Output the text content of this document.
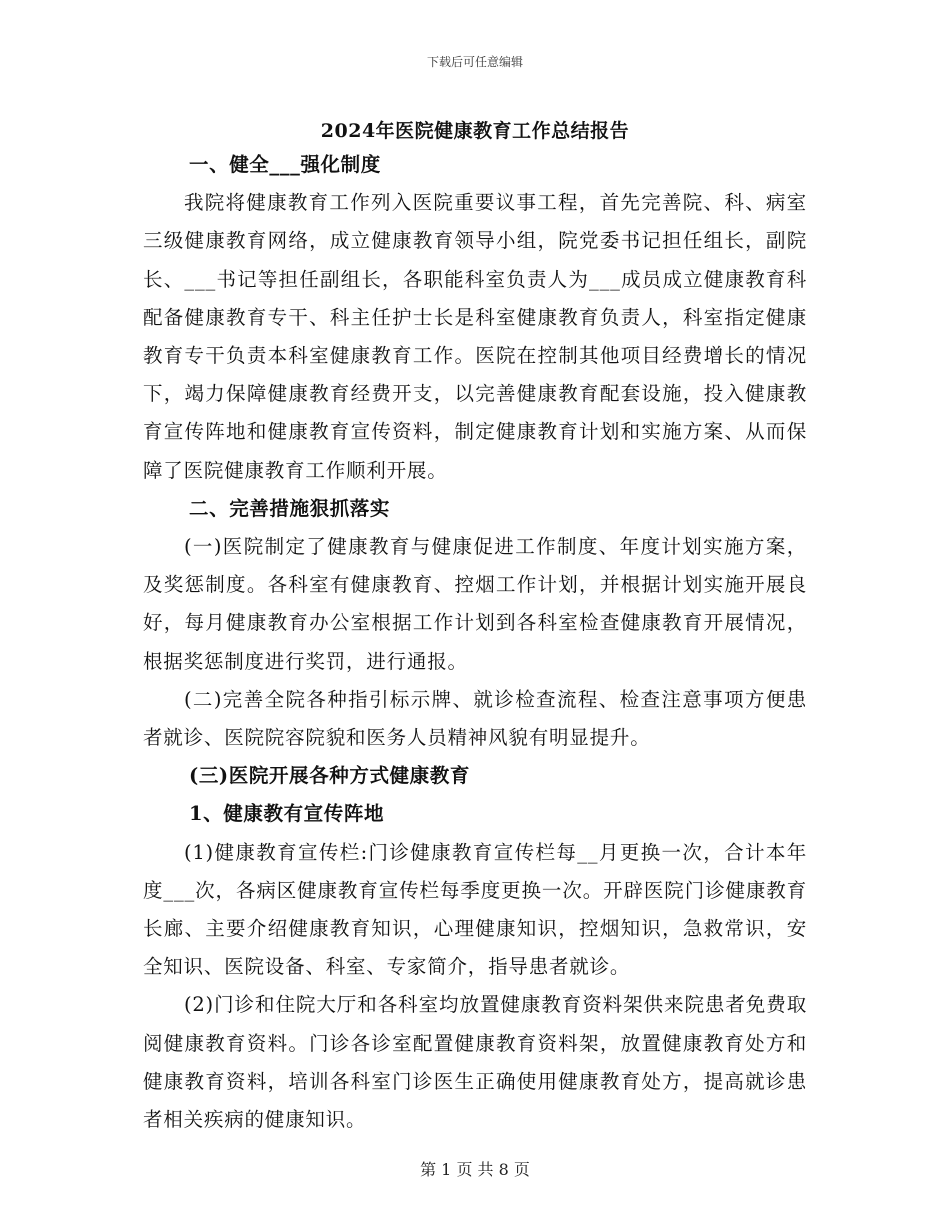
下载后可任意编辑
2024年医院健康教育工作总结报告

一、健全___强化制度

我院将健康教育工作列入医院重要议事工程，首先完善院、科、病室三级健康教育网络，成立健康教育领导小组，院党委书记担任组长，副院长、___书记等担任副组长，各职能科室负责人为___成员成立健康教育科配备健康教育专干、科主任护士长是科室健康教育负责人，科室指定健康教育专干负责本科室健康教育工作。医院在控制其他项目经费增长的情况下，竭力保障健康教育经费开支，以完善健康教育配套设施，投入健康教育宣传阵地和健康教育宣传资料，制定健康教育计划和实施方案、从而保障了医院健康教育工作顺利开展。

二、完善措施狠抓落实

(一)医院制定了健康教育与健康促进工作制度、年度计划实施方案，及奖惩制度。各科室有健康教育、控烟工作计划，并根据计划实施开展良好，每月健康教育办公室根据工作计划到各科室检查健康教育开展情况，根据奖惩制度进行奖罚，进行通报。

(二)完善全院各种指引标示牌、就诊检查流程、检查注意事项方便患者就诊、医院院容院貌和医务人员精神风貌有明显提升。

(三)医院开展各种方式健康教育

1、健康教有宣传阵地

(1)健康教育宣传栏:门诊健康教育宣传栏每__月更换一次，合计本年度___次，各病区健康教育宣传栏每季度更换一次。开辟医院门诊健康教育长廊、主要介绍健康教育知识，心理健康知识，控烟知识，急救常识，安全知识、医院设备、科室、专家简介，指导患者就诊。

(2)门诊和住院大厅和各科室均放置健康教育资料架供来院患者免费取阅健康教育资料。门诊各诊室配置健康教育资料架，放置健康教育处方和健康教育资料，培训各科室门诊医生正确使用健康教育处方，提高就诊患者相关疾病的健康知识。

第 1 页 共 8 页
